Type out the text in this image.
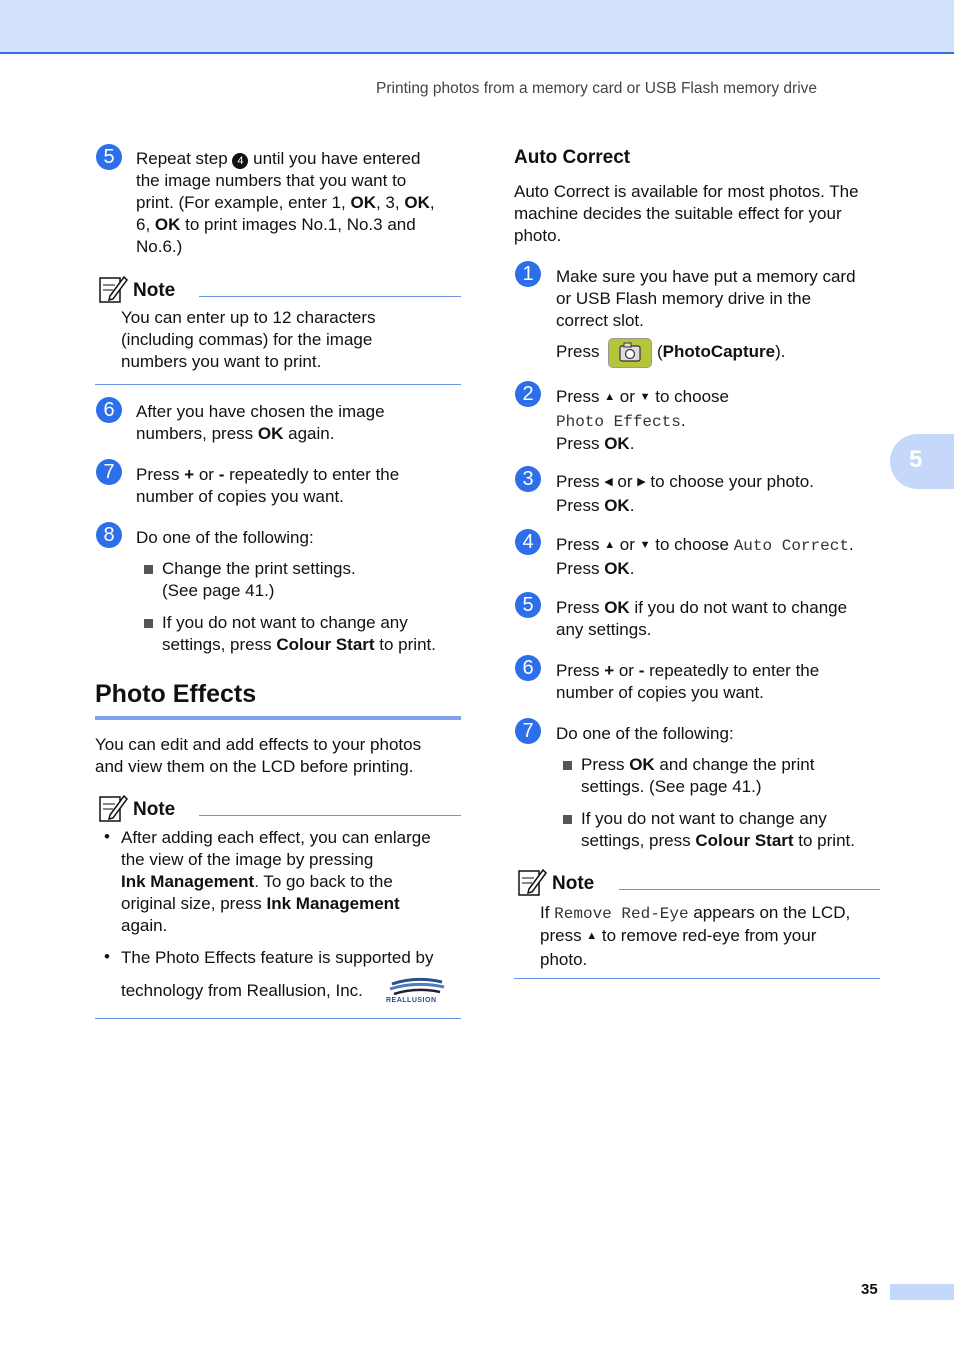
Printing photos from a memory card or USB Flash memory drive
5
35
5	Repeat step 4 until you have entered
the image numbers that you want to
print. (For example, enter 1, OK, 3, OK,
6, OK to print images No.1, No.3 and
No.6.)
Note
You can enter up to 12 characters
(including commas) for the image
numbers you want to print.
6	After you have chosen the image
numbers, press OK again.
7	Press + or - repeatedly to enter the
number of copies you want.
8	Do one of the following:
Change the print settings.
(See page 41.)
If you do not want to change any
settings, press Colour Start to print.
Photo Effects
You can edit and add effects to your photos
and view them on the LCD before printing.
Note
• After adding each effect, you can enlarge
the view of the image by pressing
Ink Management. To go back to the
original size, press Ink Management
again.
• The Photo Effects feature is supported by
technology from Reallusion, Inc.
REALLUSION
Auto Correct
Auto Correct is available for most photos. The
machine decides the suitable effect for your
photo.
1	Make sure you have put a memory card
or USB Flash memory drive in the
correct slot.
Press	(PhotoCapture).
2	Press ▲ or ▼ to choose
Photo Effects.
Press OK.
3	Press ◀ or ▶ to choose your photo.
Press OK.
4	Press ▲ or ▼ to choose Auto Correct.
Press OK.
5	Press OK if you do not want to change
any settings.
6	Press + or - repeatedly to enter the
number of copies you want.
7	Do one of the following:
Press OK and change the print
settings. (See page 41.)
If you do not want to change any
settings, press Colour Start to print.
Note
If Remove Red-Eye appears on the LCD,
press ▲ to remove red-eye from your
photo.
